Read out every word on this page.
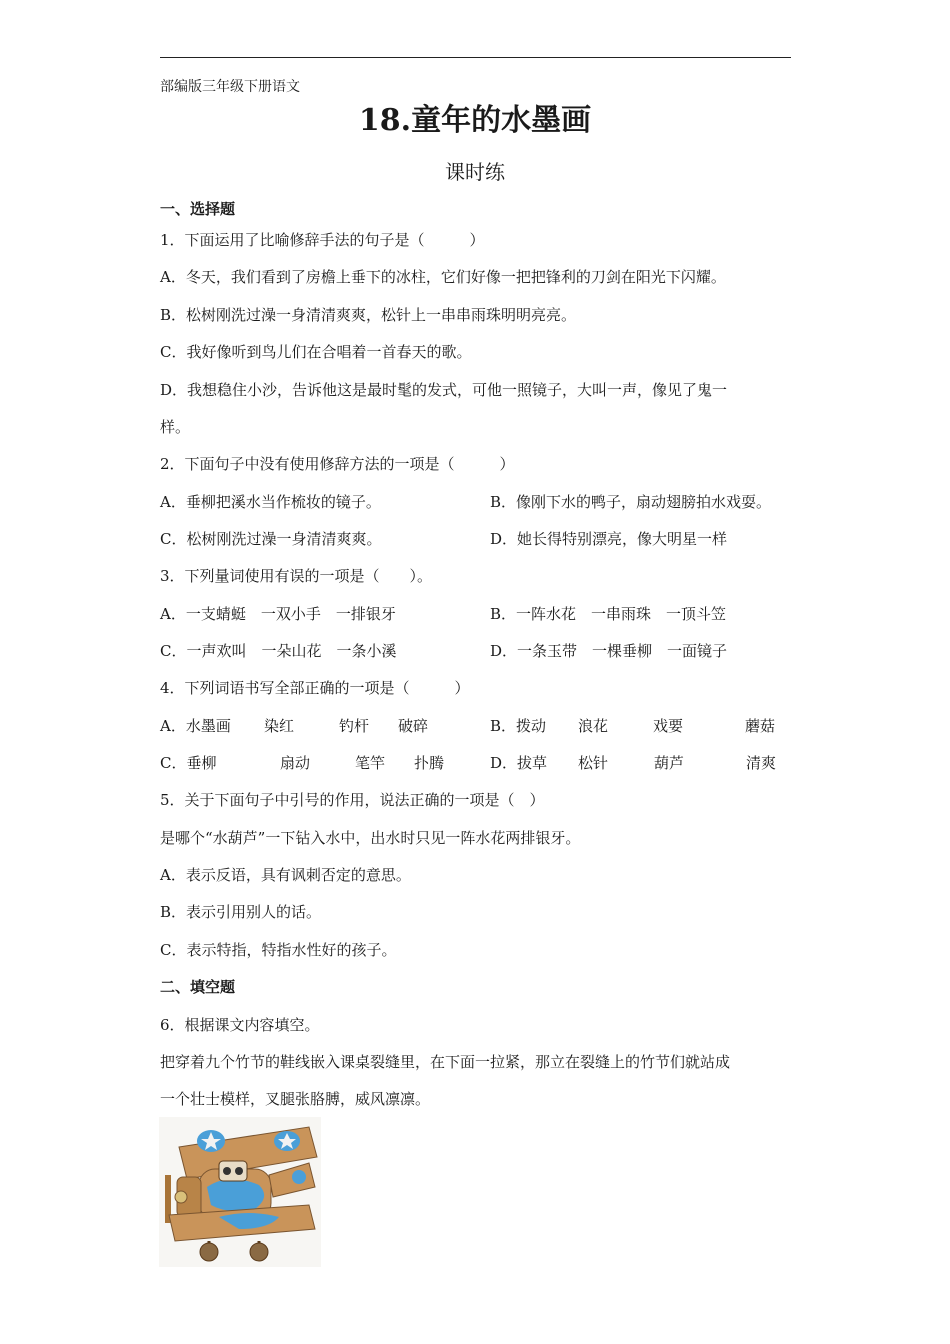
部编版三年级下册语文
18.童年的水墨画
课时练
一、选择题
1．下面运用了比喻修辞手法的句子是（　　　）
A．冬天，我们看到了房檐上垂下的冰柱，它们好像一把把锋利的刀剑在阳光下闪耀。
B．松树刚洗过澡一身清清爽爽，松针上一串串雨珠明明亮亮。
C．我好像听到鸟儿们在合唱着一首春天的歌。
D．我想稳住小沙，告诉他这是最时髦的发式，可他一照镜子，大叫一声，像见了鬼一
样。
2．下面句子中没有使用修辞方法的一项是（　　　）
A．垂柳把溪水当作梳妆的镜子。	B．像刚下水的鸭子，扇动翅膀拍水戏耍。
C．松树刚洗过澡一身清清爽爽。	D．她长得特别漂亮，像大明星一样
3．下列量词使用有误的一项是（　　）。
A．一支蜻蜓　一双小手　一排银牙	B．一阵水花　一串雨珠　一顶斗笠
C．一声欢叫　一朵山花　一条小溪	D．一条玉带　一棵垂柳　一面镜子
4．下列词语书写全部正确的一项是（　　　）
A．水墨画 染红	钓杆 破碎	B．拨动 浪花	戏要	蘑菇
C．垂柳	扇动	笔竿 扑腾	D．拔草 松针	葫芦	清爽
5．关于下面句子中引号的作用，说法正确的一项是（　）
是哪个“水葫芦”一下钻入水中，出水时只见一阵水花两排银牙。
A．表示反语，具有讽刺否定的意思。
B．表示引用别人的话。
C．表示特指，特指水性好的孩子。
二、填空题
6．根据课文内容填空。
把穿着九个竹节的鞋线嵌入课桌裂缝里，在下面一拉紧，那立在裂缝上的竹节们就站成
一个壮士模样，叉腿张胳膊，威风凛凛。
